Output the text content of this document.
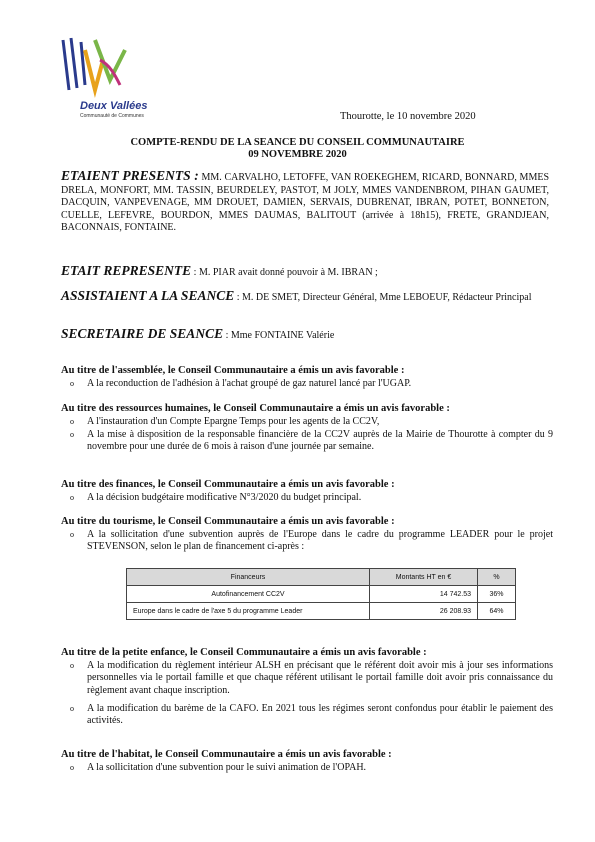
Deux Vallées
Communauté de Communes	Thourotte, le 10 novembre 2020
COMPTE-RENDU DE LA SEANCE DU CONSEIL COMMUNAUTAIRE
09 NOVEMBRE 2020
ETAIENT PRESENTS : MM. CARVALHO, LETOFFE, VAN ROEKEGHEM, RICARD, BONNARD, MMES DRELA, MONFORT, MM. TASSIN, BEURDELEY, PASTOT, M JOLY, MMES VANDENBROM, PIHAN GAUMET, DACQUIN, VANPEVENAGE, MM DROUET, DAMIEN, SERVAIS, DUBRENAT, IBRAN, POTET, BONNETON, CUELLE, LEFEVRE, BOURDON, MMES DAUMAS, BALITOUT (arrivée à 18h15), FRETE, GRANDJEAN, BACONNAIS, FONTAINE.
ETAIT REPRESENTE : M. PIAR avait donné pouvoir à M. IBRAN ;
ASSISTAIENT A LA SEANCE : M. DE SMET, Directeur Général, Mme LEBOEUF, Rédacteur Principal
SECRETAIRE DE SEANCE : Mme FONTAINE Valérie
Au titre de l'assemblée, le Conseil Communautaire a émis un avis favorable :
o A la reconduction de l'adhésion à l'achat groupé de gaz naturel lancé par l'UGAP.
Au titre des ressources humaines, le Conseil Communautaire a émis un avis favorable :
o A l'instauration d'un Compte Epargne Temps pour les agents de la CC2V,
o A la mise à disposition de la responsable financière de la CC2V auprès de la Mairie de Thourotte à compter du 9 novembre pour une durée de 6 mois à raison d'une journée par semaine.
Au titre des finances, le Conseil Communautaire a émis un avis favorable :
o A la décision budgétaire modificative N°3/2020 du budget principal.
Au titre du tourisme, le Conseil Communautaire a émis un avis favorable :
o A la sollicitation d'une subvention auprès de l'Europe dans le cadre du programme LEADER pour le projet STEVENSON, selon le plan de financement ci-après :
Financeurs	Montants HT en €	%
Autofinancement CC2V	14 742.53	36%
Europe dans le cadre de l'axe 5 du programme Leader	26 208.93	64%
Au titre de la petite enfance, le Conseil Communautaire a émis un avis favorable :
o A la modification du règlement intérieur ALSH en précisant que le référent doit avoir mis à jour ses informations personnelles via le portail famille et que chaque référent utilisant le portail famille doit avoir pris connaissance du règlement avant chaque inscription.
o A la modification du barème de la CAFO. En 2021 tous les régimes seront confondus pour établir le paiement des activités.
Au titre de l'habitat, le Conseil Communautaire a émis un avis favorable :
o A la sollicitation d'une subvention pour le suivi animation de l'OPAH.
